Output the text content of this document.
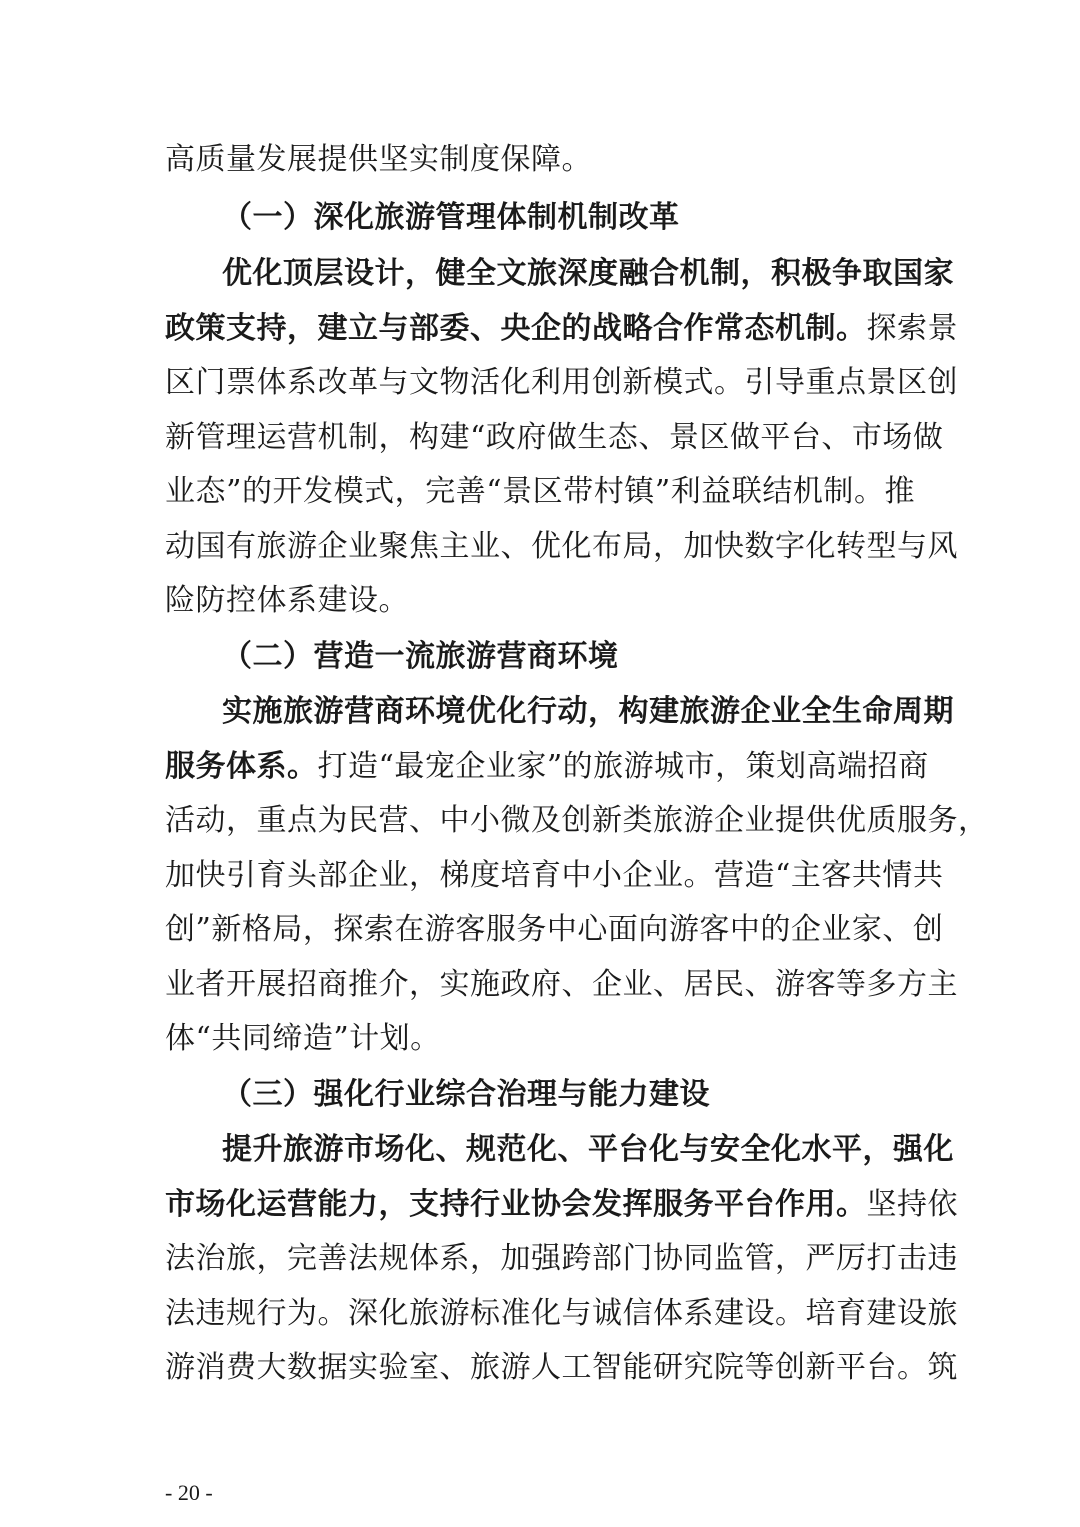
高质量发展提供坚实制度保障。
（一）深化旅游管理体制机制改革
优化顶层设计，健全文旅深度融合机制，积极争取国家
政策支持，建立与部委、央企的战略合作常态机制。探索景
区门票体系改革与文物活化利用创新模式。引导重点景区创
新管理运营机制，构建“政府做生态、景区做平台、市场做
业态”的开发模式，完善“景区带村镇”利益联结机制。推
动国有旅游企业聚焦主业、优化布局，加快数字化转型与风
险防控体系建设。
（二）营造一流旅游营商环境
实施旅游营商环境优化行动，构建旅游企业全生命周期
服务体系。打造“最宠企业家”的旅游城市，策划高端招商
活动，重点为民营、中小微及创新类旅游企业提供优质服务，
加快引育头部企业，梯度培育中小企业。营造“主客共情共
创”新格局，探索在游客服务中心面向游客中的企业家、创
业者开展招商推介，实施政府、企业、居民、游客等多方主
体“共同缔造”计划。
（三）强化行业综合治理与能力建设
提升旅游市场化、规范化、平台化与安全化水平，强化
市场化运营能力，支持行业协会发挥服务平台作用。坚持依
法治旅，完善法规体系，加强跨部门协同监管，严厉打击违
法违规行为。深化旅游标准化与诚信体系建设。培育建设旅
游消费大数据实验室、旅游人工智能研究院等创新平台。筑
- 20 -
